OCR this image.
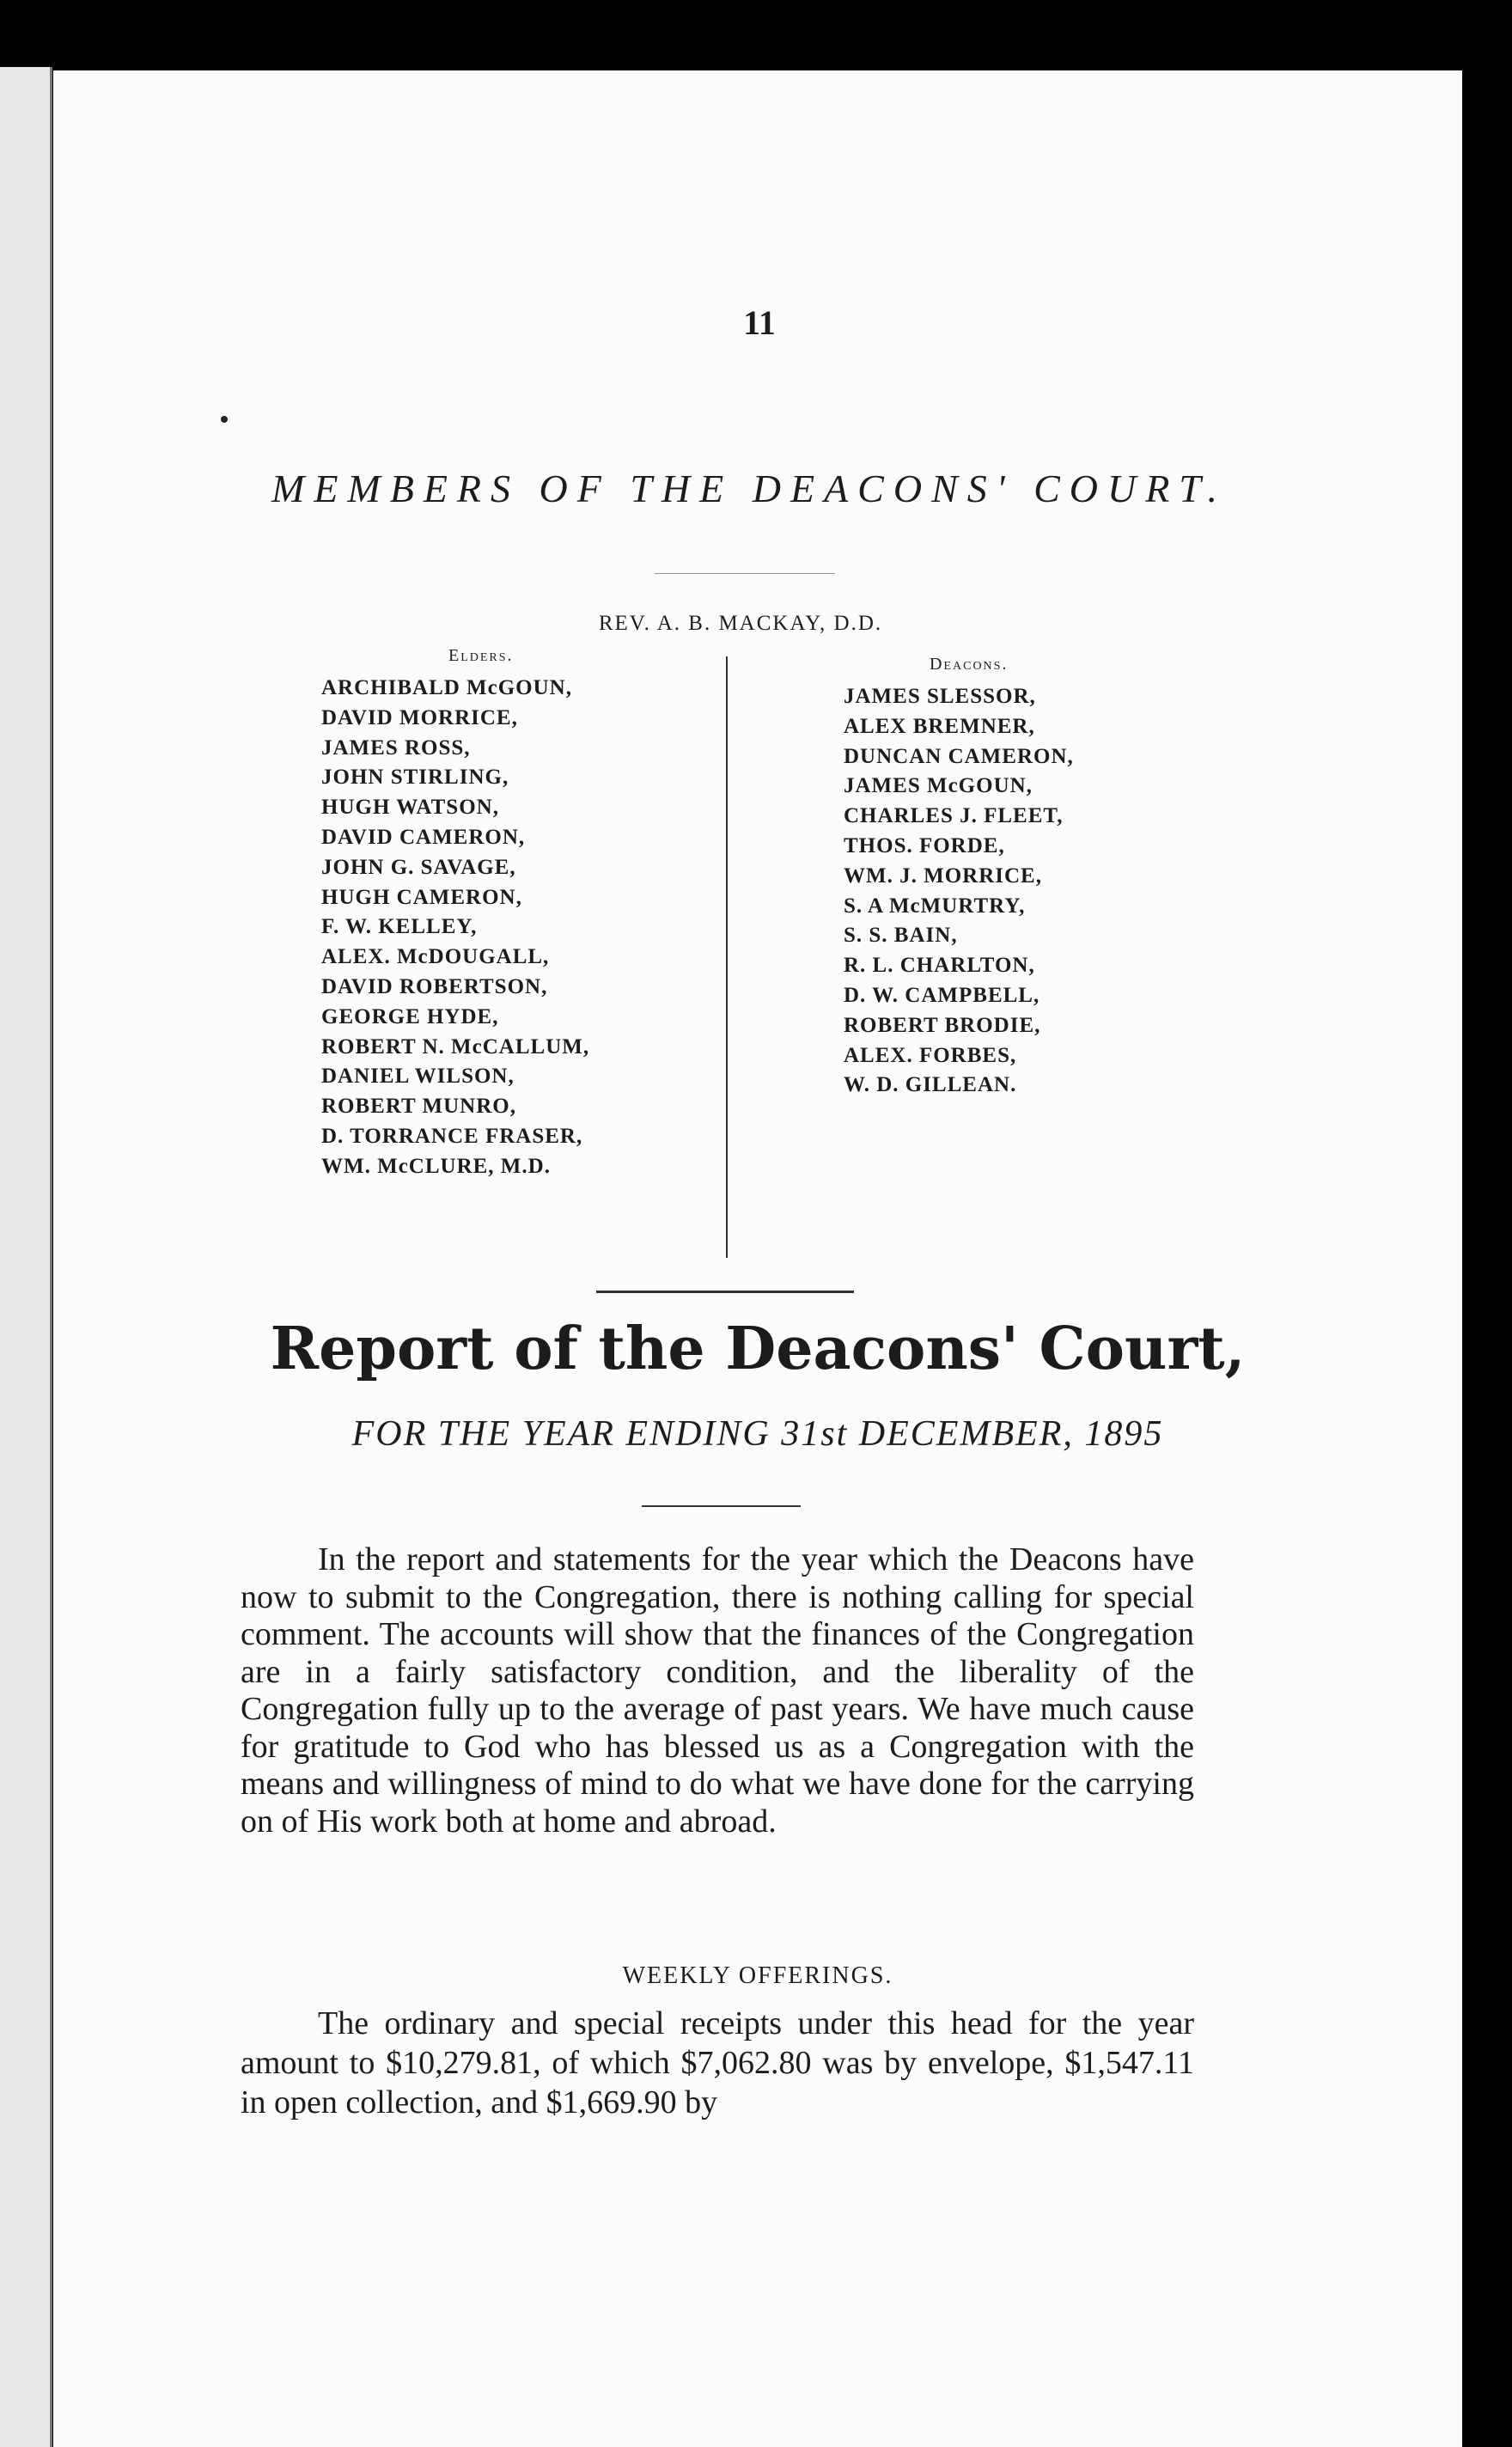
11
MEMBERS OF THE DEACONS' COURT.
REV. A. B. MACKAY, D.D.
Elders.
ARCHIBALD McGOUN,
DAVID MORRICE,
JAMES ROSS,
JOHN STIRLING,
HUGH WATSON,
DAVID CAMERON,
JOHN G. SAVAGE,
HUGH CAMERON,
F. W. KELLEY,
ALEX. McDOUGALL,
DAVID ROBERTSON,
GEORGE HYDE,
ROBERT N. McCALLUM,
DANIEL WILSON,
ROBERT MUNRO,
D. TORRANCE FRASER,
WM. McCLURE, M.D.
Deacons.
JAMES SLESSOR,
ALEX BREMNER,
DUNCAN CAMERON,
JAMES McGOUN,
CHARLES J. FLEET,
THOS. FORDE,
WM. J. MORRICE,
S. A McMURTRY,
S. S. BAIN,
R. L. CHARLTON,
D. W. CAMPBELL,
ROBERT BRODIE,
ALEX. FORBES,
W. D. GILLEAN.
Report of the Deacons' Court,
FOR THE YEAR ENDING 31st DECEMBER, 1895

In the report and statements for the year which the Deacons have now to submit to the Congregation, there is nothing calling for special comment. The accounts will show that the finances of the Congregation are in a fairly satisfactory condition, and the liberality of the Congregation fully up to the average of past years. We have much cause for gratitude to God who has blessed us as a Congregation with the means and willingness of mind to do what we have done for the carrying on of His work both at home and abroad.

WEEKLY OFFERINGS.

The ordinary and special receipts under this head for the year amount to $10,279.81, of which $7,062.80 was by envelope, $1,547.11 in open collection, and $1,669.90 by
